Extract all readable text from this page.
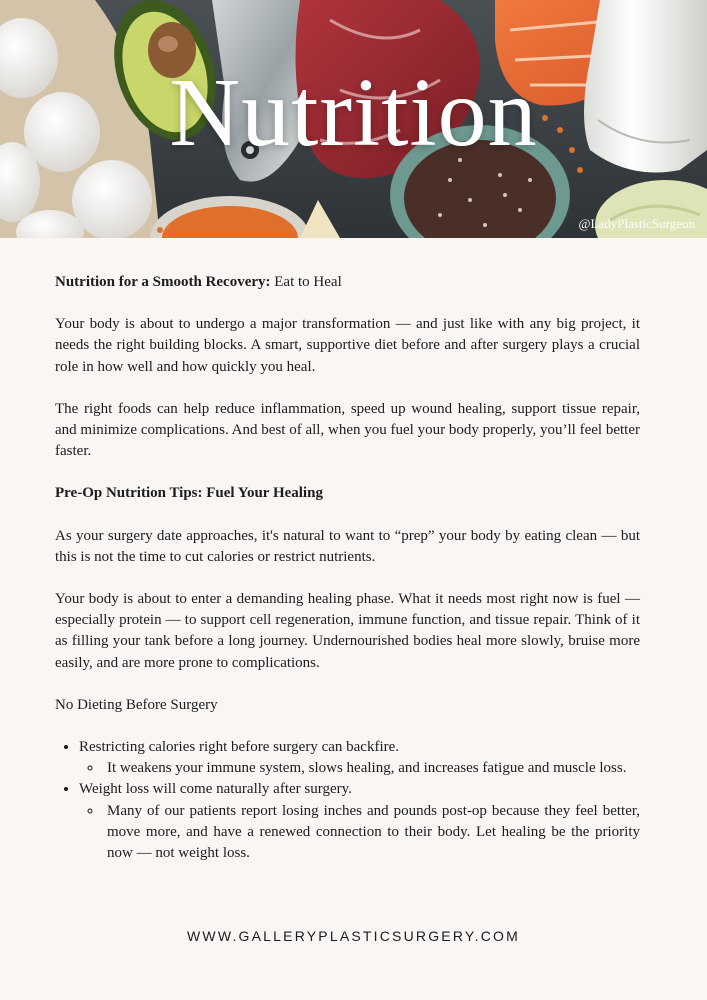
Nutrition
@LadyPlasticSurgeon

Nutrition for a Smooth Recovery: Eat to Heal

Your body is about to undergo a major transformation — and just like with any big project, it needs the right building blocks. A smart, supportive diet before and after surgery plays a crucial role in how well and how quickly you heal.

The right foods can help reduce inflammation, speed up wound healing, support tissue repair, and minimize complications. And best of all, when you fuel your body properly, you’ll feel better faster.

Pre-Op Nutrition Tips: Fuel Your Healing

As your surgery date approaches, it's natural to want to “prep” your body by eating clean — but this is not the time to cut calories or restrict nutrients.

Your body is about to enter a demanding healing phase. What it needs most right now is fuel — especially protein — to support cell regeneration, immune function, and tissue repair. Think of it as filling your tank before a long journey. Undernourished bodies heal more slowly, bruise more easily, and are more prone to complications.

No Dieting Before Surgery

• Restricting calories right before surgery can backfire.
◦ It weakens your immune system, slows healing, and increases fatigue and muscle loss.
• Weight loss will come naturally after surgery.
◦ Many of our patients report losing inches and pounds post-op because they feel better, move more, and have a renewed connection to their body. Let healing be the priority now — not weight loss.
WWW.GALLERYPLASTICSURGERY.COM
